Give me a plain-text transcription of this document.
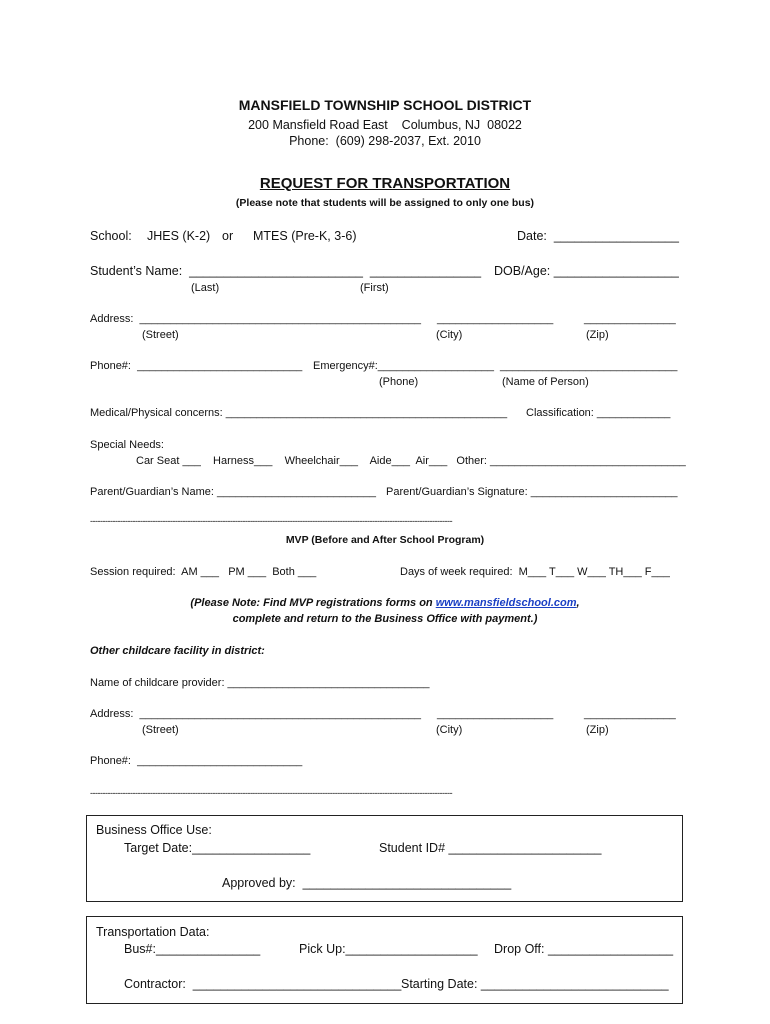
MANSFIELD TOWNSHIP SCHOOL DISTRICT
200 Mansfield Road East    Columbus, NJ  08022
Phone:  (609) 298-2037, Ext. 2010
REQUEST FOR TRANSPORTATION
(Please note that students will be assigned to only one bus)
School: JHES (K-2) or MTES (Pre-K, 3-6)	Date:  __________________
Student’s Name:  _________________________  ________________ DOB/Age: __________________
(Last)	(First)
Address:  ______________________________________________ ___________________	_______________
(Street)	(City)	(Zip)
Phone#:  ___________________________ Emergency#:___________________ _____________________________
(Phone)	(Name of Person)
Medical/Physical concerns: ______________________________________________ Classification: ____________
Special Needs:
Car Seat ___    Harness___    Wheelchair___    Aide___  Air___   Other: ________________________________
Parent/Guardian’s Name: __________________________ Parent/Guardian’s Signature: ________________________
-------------------------------------------------------------------------------------------------------------------------------------------------
MVP (Before and After School Program)
Session required:  AM ___   PM ___  Both ___	Days of week required:  M___ T___ W___ TH___ F___
(Please Note: Find MVP registrations forms on www.mansfieldschool.com,
complete and return to the Business Office with payment.)
Other childcare facility in district:
Name of childcare provider: _________________________________
Address:  ______________________________________________ ___________________	_______________
(Street)	(City)	(Zip)
Phone#:  ___________________________
-------------------------------------------------------------------------------------------------------------------------------------------------
Business Office Use:
Target Date:_________________	Student ID# ______________________
Approved by:  ______________________________
Transportation Data:
Bus#:_______________	Pick Up:___________________ Drop Off: __________________
Contractor:  ______________________________ Starting Date: ___________________________
